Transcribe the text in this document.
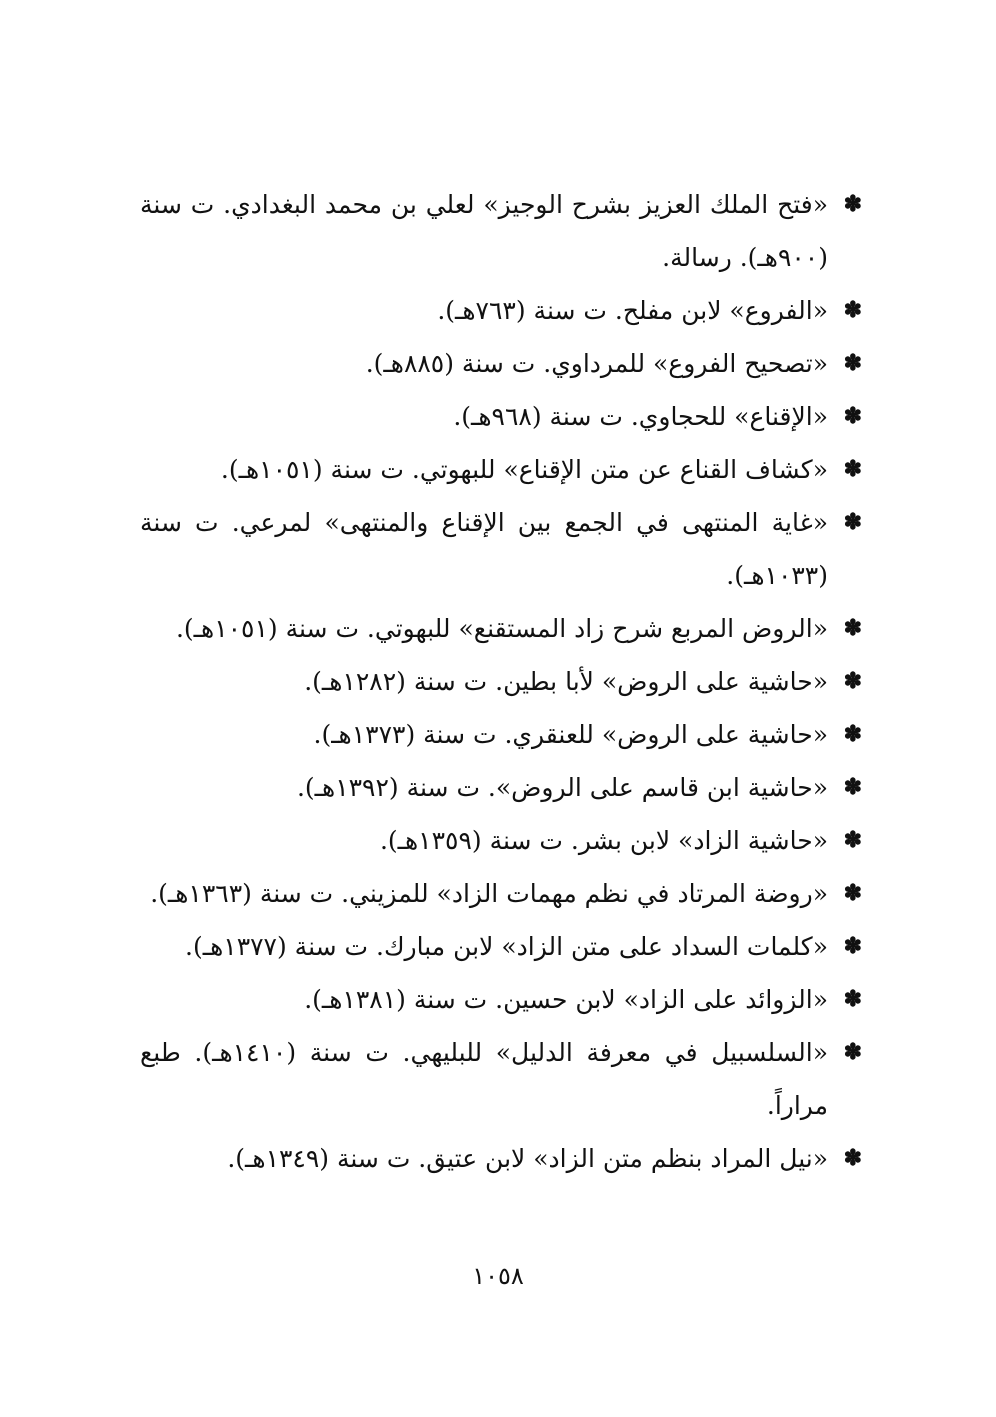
✽
«فتح الملك العزيز بشرح الوجيز» لعلي بن محمد البغدادي. ت سنة (٩٠٠هـ). رسالة.
✽
«الفروع» لابن مفلح. ت سنة (٧٦٣هـ).
✽
«تصحيح الفروع» للمرداوي. ت سنة (٨٨٥هـ).
✽
«الإقناع» للحجاوي. ت سنة (٩٦٨هـ).
✽
«كشاف القناع عن متن الإقناع» للبهوتي. ت سنة (١٠٥١هـ).
✽
«غاية المنتهى في الجمع بين الإقناع والمنتهى» لمرعي. ت سنة (١٠٣٣هـ).
✽
«الروض المربع شرح زاد المستقنع» للبهوتي. ت سنة (١٠٥١هـ).
✽
«حاشية على الروض» لأبا بطين. ت سنة (١٢٨٢هـ).
✽
«حاشية على الروض» للعنقري. ت سنة (١٣٧٣هـ).
✽
«حاشية ابن قاسم على الروض». ت سنة (١٣٩٢هـ).
✽
«حاشية الزاد» لابن بشر. ت سنة (١٣٥٩هـ).
✽
«روضة المرتاد في نظم مهمات الزاد» للمزيني. ت سنة (١٣٦٣هـ).
✽
«كلمات السداد على متن الزاد» لابن مبارك. ت سنة (١٣٧٧هـ).
✽
«الزوائد على الزاد» لابن حسين. ت سنة (١٣٨١هـ).
✽
«السلسبيل في معرفة الدليل» للبليهي. ت سنة (١٤١٠هـ). طبع مراراً.
✽
«نيل المراد بنظم متن الزاد» لابن عتيق. ت سنة (١٣٤٩هـ).
١٠٥٨
